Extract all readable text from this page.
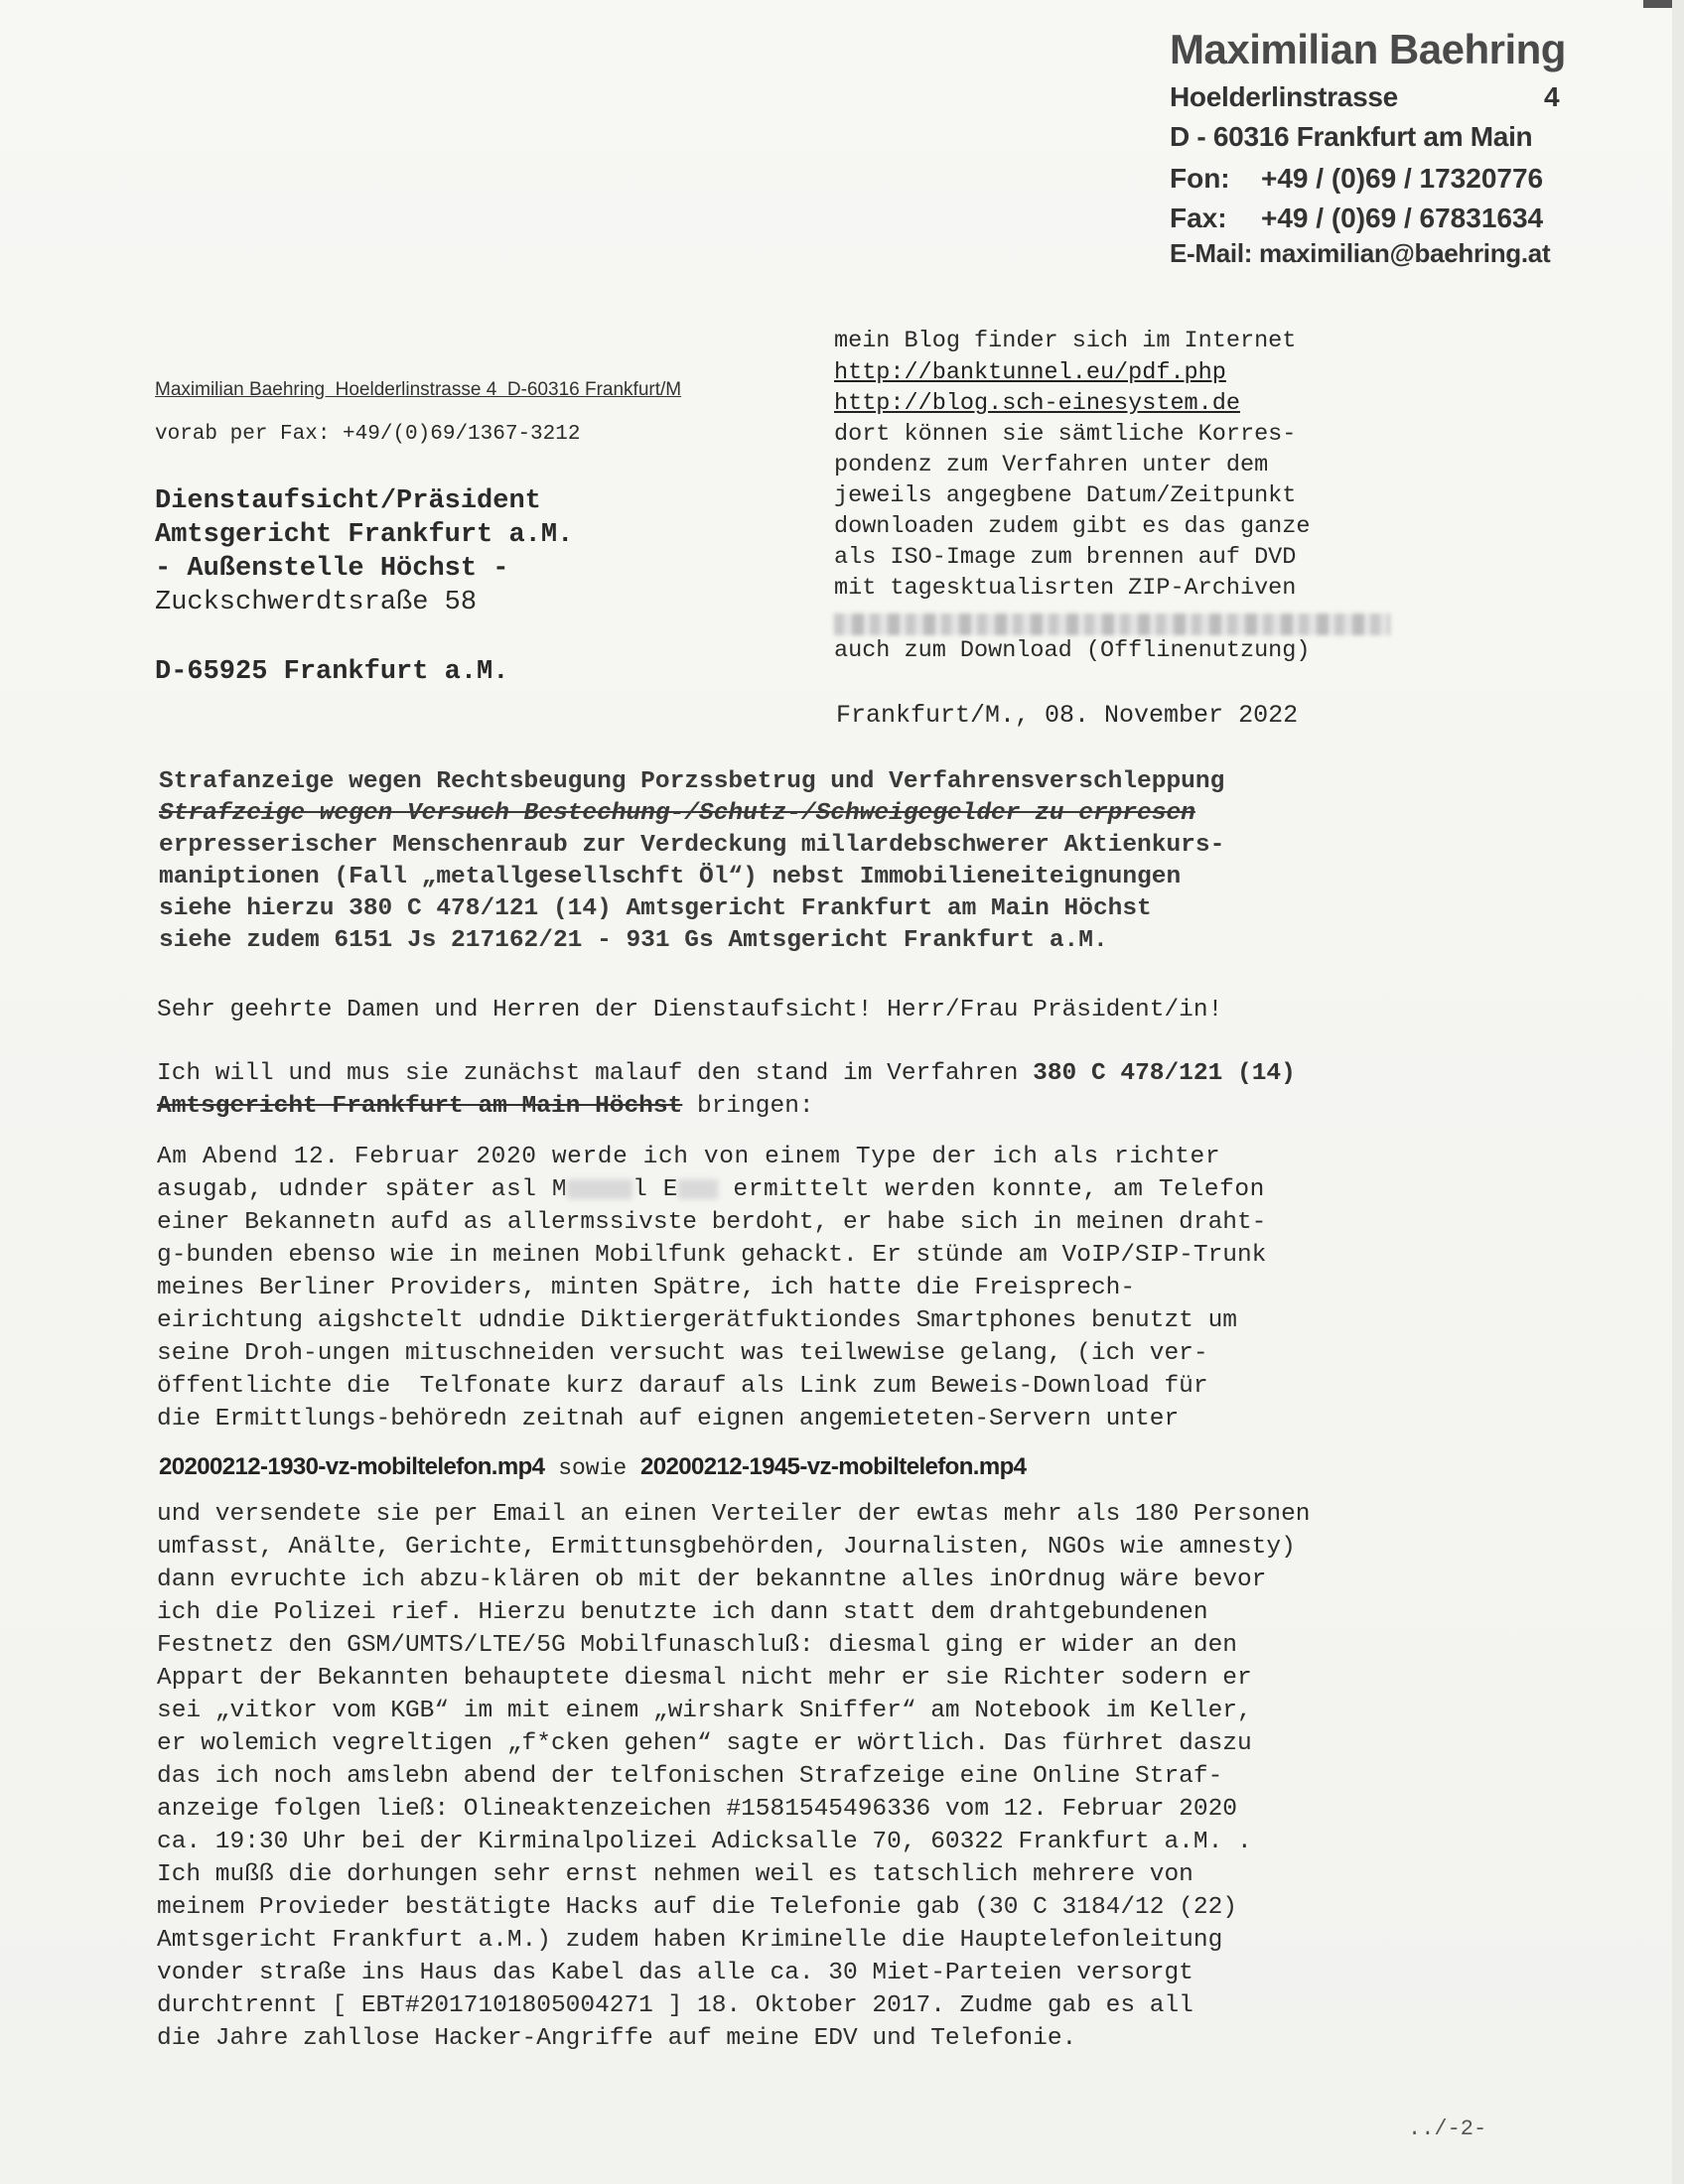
Maximilian Baehring
Hoelderlinstrasse	4
D - 60316 Frankfurt am Main
Fon: +49 / (0)69 / 17320776
Fax: +49 / (0)69 / 67831634
E-Mail: maximilian@baehring.at
Maximilian Baehring  Hoelderlinstrasse 4  D-60316 Frankfurt/M
vorab per Fax: +49/(0)69/1367-3212
Dienstaufsicht/Präsident
Amtsgericht Frankfurt a.M.
- Außenstelle Höchst -
Zuckschwerdtsraße 58
D-65925 Frankfurt a.M.
mein Blog finder sich im Internet
http://banktunnel.eu/pdf.php
http://blog.sch-einesystem.de
dort können sie sämtliche Korres-
pondenz zum Verfahren unter dem
jeweils angegbene Datum/Zeitpunkt
downloaden zudem gibt es das ganze
als ISO-Image zum brennen auf DVD
mit tagesktualisrten ZIP-Archiven
auch zum Download (Offlinenutzung)
Frankfurt/M., 08. November 2022
Strafanzeige wegen Rechtsbeugung Porzssbetrug und Verfahrensverschleppung
Strafzeige wegen Versuch Bestechung-/Schutz-/Schweigegelder zu erpresen
erpresserischer Menschenraub zur Verdeckung millardebschwerer Aktienkurs-
maniptionen (Fall „metallgesellschft Öl“) nebst Immobilieneiteignungen
siehe hierzu 380 C 478/121 (14) Amtsgericht Frankfurt am Main Höchst
siehe zudem 6151 Js 217162/21 - 931 Gs Amtsgericht Frankfurt a.M.
Sehr geehrte Damen und Herren der Dienstaufsicht! Herr/Frau Präsident/in!
Ich will und mus sie zunächst malauf den stand im Verfahren 380 C 478/121 (14)
Amtsgericht Frankfurt am Main Höchst bringen:
Am Abend 12. Februar 2020 werde ich von einem Type der ich als richter
asugab, udnder später asl M	l E ermittelt werden konnte, am Telefon
einer Bekannetn aufd as allermssivste berdoht, er habe sich in meinen draht-
g-bunden ebenso wie in meinen Mobilfunk gehackt. Er stünde am VoIP/SIP-Trunk
meines Berliner Providers, minten Spätre, ich hatte die Freisprech-
eirichtung aigshctelt udndie Diktiergerätfuktiondes Smartphones benutzt um
seine Droh-ungen mituschneiden versucht was teilwewise gelang, (ich ver-
öffentlichte die  Telfonate kurz darauf als Link zum Beweis-Download für
die Ermittlungs-behöredn zeitnah auf eignen angemieteten-Servern unter
20200212-1930-vz-mobiltelefon.mp4 sowie 20200212-1945-vz-mobiltelefon.mp4
und versendete sie per Email an einen Verteiler der ewtas mehr als 180 Personen
umfasst, Anälte, Gerichte, Ermittunsgbehörden, Journalisten, NGOs wie amnesty)
dann evruchte ich abzu-klären ob mit der bekanntne alles inOrdnug wäre bevor
ich die Polizei rief. Hierzu benutzte ich dann statt dem drahtgebundenen
Festnetz den GSM/UMTS/LTE/5G Mobilfunaschluß: diesmal ging er wider an den
Appart der Bekannten behauptete diesmal nicht mehr er sie Richter sodern er
sei „vitkor vom KGB“ im mit einem „wirshark Sniffer“ am Notebook im Keller,
er wolemich vegreltigen „f*cken gehen“ sagte er wörtlich. Das fürhret daszu
das ich noch amslebn abend der telfonischen Strafzeige eine Online Straf-
anzeige folgen ließ: Olineaktenzeichen #1581545496336 vom 12. Februar 2020
ca. 19:30 Uhr bei der Kirminalpolizei Adicksalle 70, 60322 Frankfurt a.M. .
Ich mußß die dorhungen sehr ernst nehmen weil es tatschlich mehrere von
meinem Provieder bestätigte Hacks auf die Telefonie gab (30 C 3184/12 (22)
Amtsgericht Frankfurt a.M.) zudem haben Kriminelle die Hauptelefonleitung
vonder straße ins Haus das Kabel das alle ca. 30 Miet-Parteien versorgt
durchtrennt [ EBT#2017101805004271 ] 18. Oktober 2017. Zudme gab es all
die Jahre zahllose Hacker-Angriffe auf meine EDV und Telefonie.
../-2-
